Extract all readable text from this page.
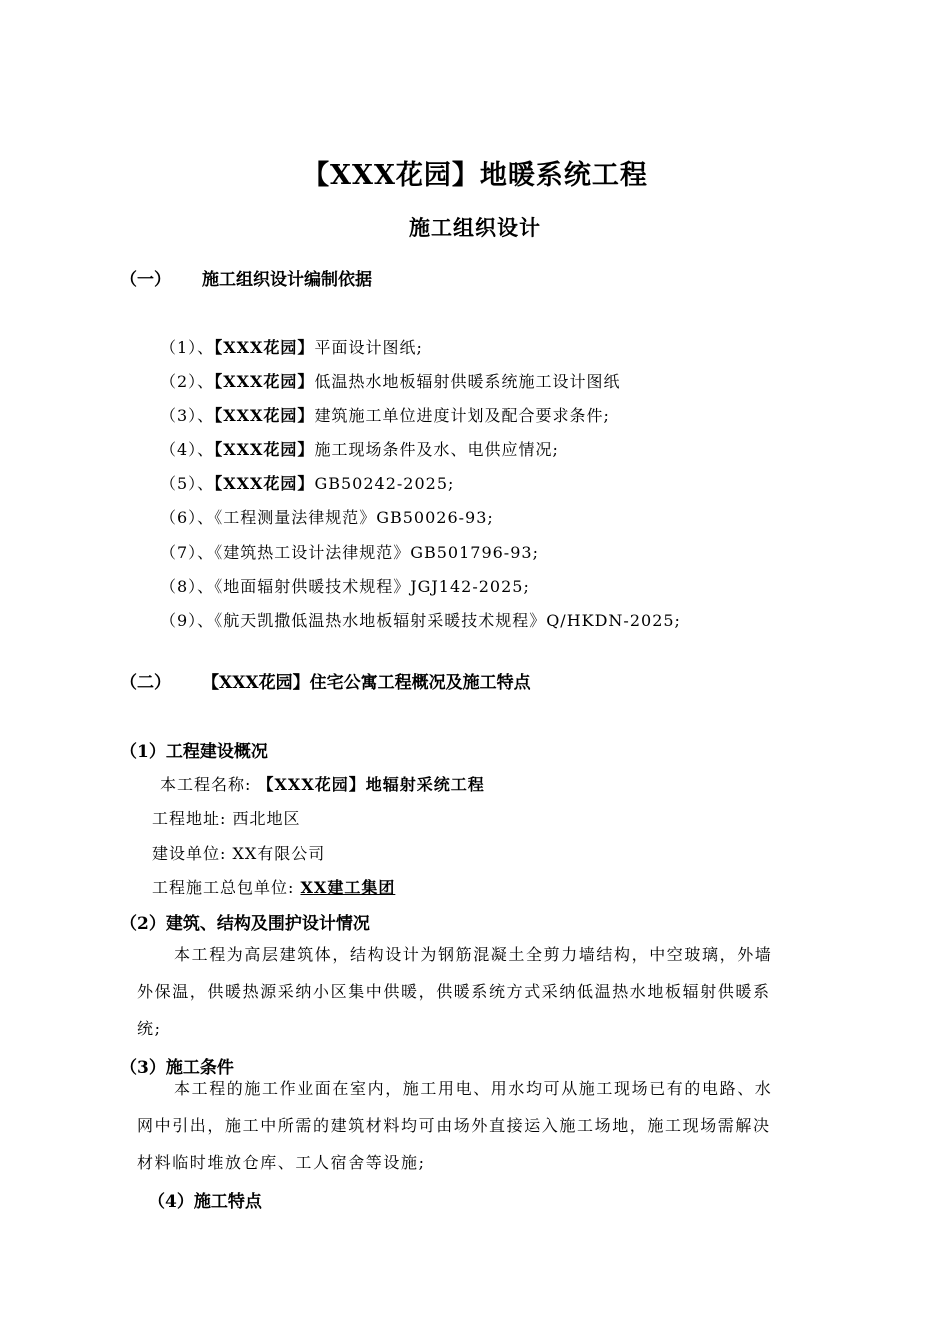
【XXX花园】地暖系统工程
施工组织设计
（一） 施工组织设计编制依据
（1）、【XXX花园】平面设计图纸;
（2）、【XXX花园】低温热水地板辐射供暖系统施工设计图纸
（3）、【XXX花园】建筑施工单位进度计划及配合要求条件;
（4）、【XXX花园】施工现场条件及水、电供应情况;
（5）、【XXX花园】GB50242-2025;
（6）、《工程测量法律规范》GB50026-93;
（7）、《建筑热工设计法律规范》GB501796-93;
（8）、《地面辐射供暖技术规程》JGJ142-2025;
（9）、《航天凯撒低温热水地板辐射采暖技术规程》Q/HKDN-2025;
（二） 【XXX花园】住宅公寓工程概况及施工特点
（1）工程建设概况
本工程名称: 【XXX花园】地辐射采统工程
工程地址: 西北地区
建设单位: XX有限公司
工程施工总包单位: XX建工集团
（2）建筑、结构及围护设计情况
本工程为高层建筑体，结构设计为钢筋混凝土全剪力墙结构，中空玻璃，外墙
外保温，供暖热源采纳小区集中供暖，供暖系统方式采纳低温热水地板辐射供暖系
统;
（3）施工条件
本工程的施工作业面在室内，施工用电、用水均可从施工现场已有的电路、水
网中引出，施工中所需的建筑材料均可由场外直接运入施工场地，施工现场需解决
材料临时堆放仓库、工人宿舍等设施;
（4）施工特点
